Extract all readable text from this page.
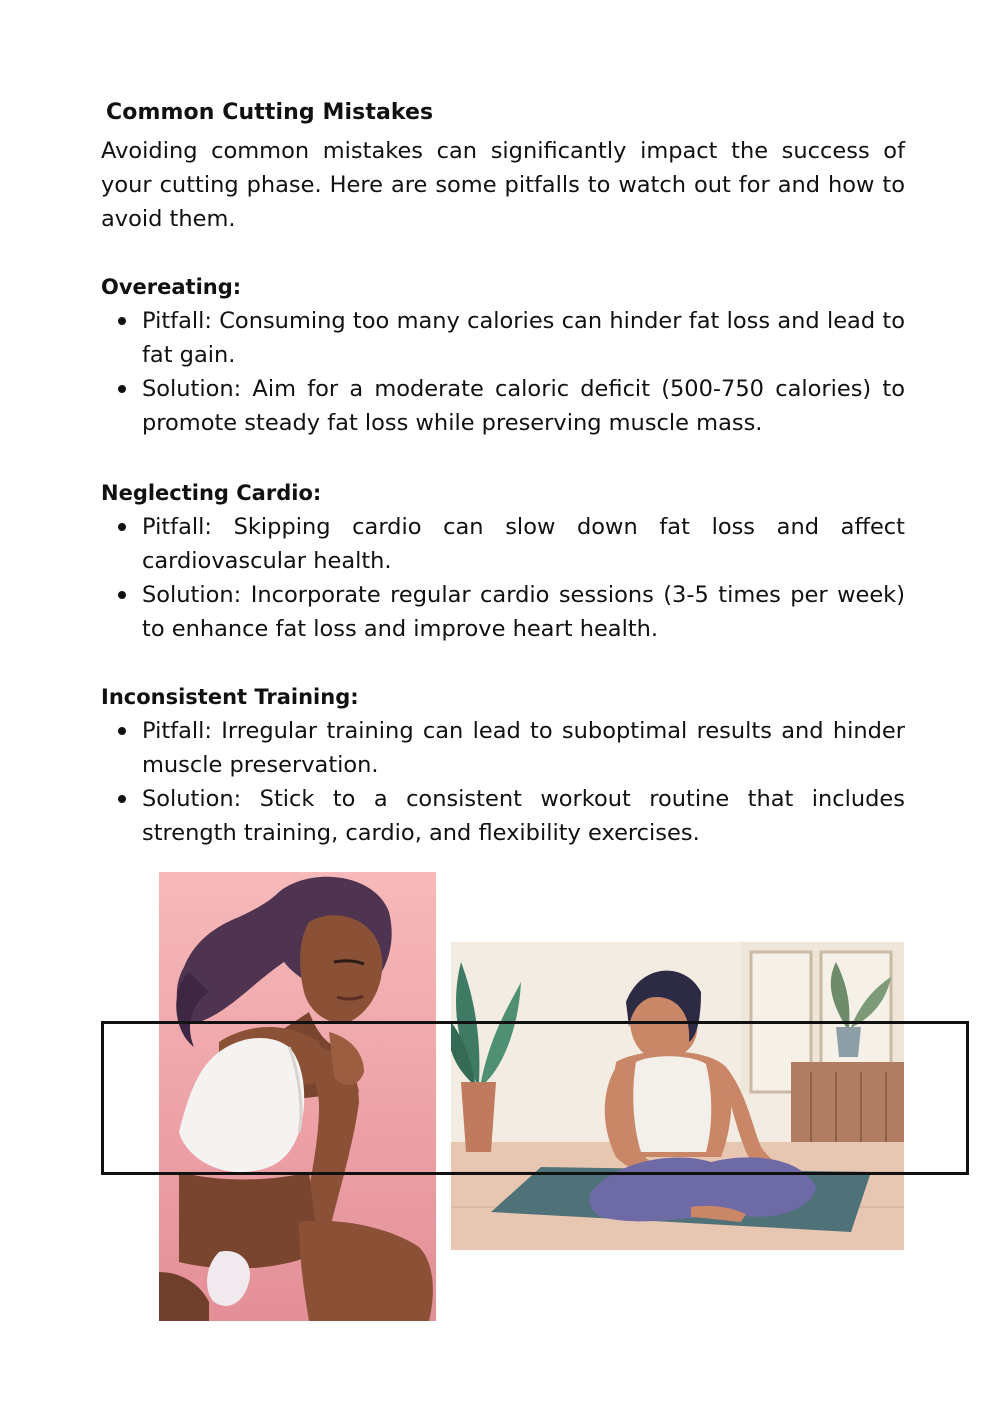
Common Cutting Mistakes
Avoiding common mistakes can significantly impact the success of your cutting phase. Here are some pitfalls to watch out for and how to avoid them.
Overeating:
Pitfall: Consuming too many calories can hinder fat loss and lead to fat gain.
Solution: Aim for a moderate caloric deficit (500-750 calories) to promote steady fat loss while preserving muscle mass.
Neglecting Cardio:
Pitfall: Skipping cardio can slow down fat loss and affect cardiovascular health.
Solution: Incorporate regular cardio sessions (3-5 times per week) to enhance fat loss and improve heart health.
Inconsistent Training:
Pitfall: Irregular training can lead to suboptimal results and hinder muscle preservation.
Solution: Stick to a consistent workout routine that includes strength training, cardio, and flexibility exercises.
